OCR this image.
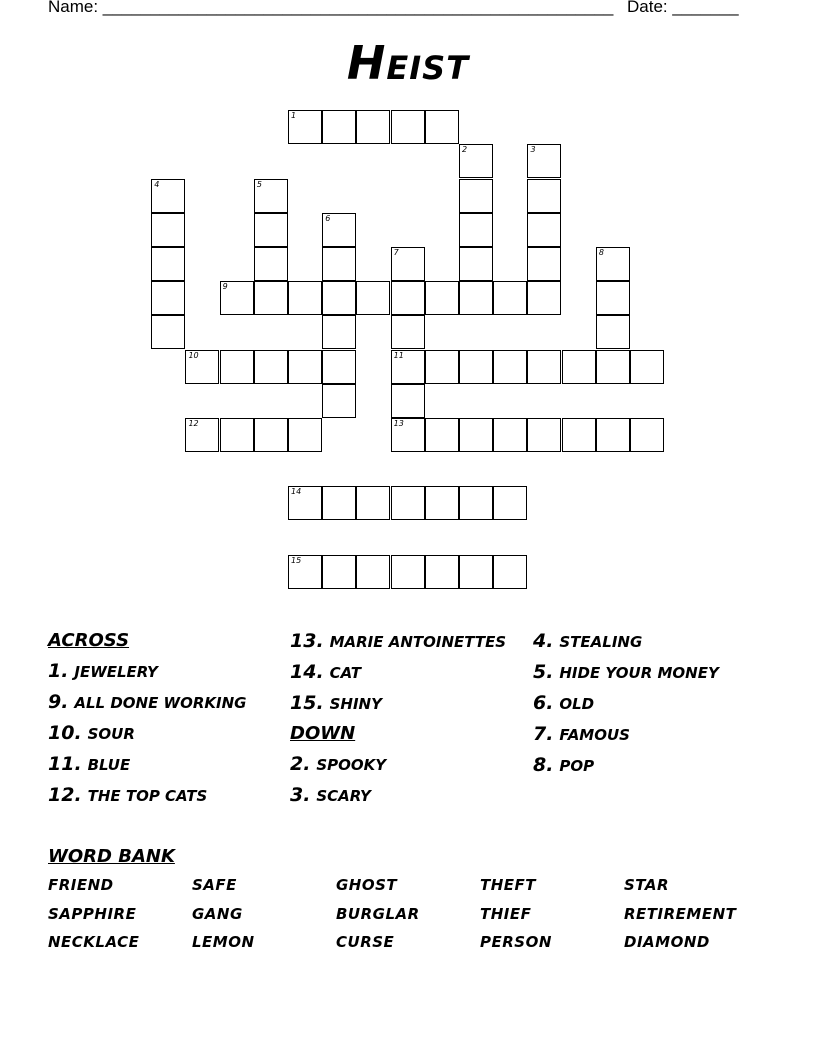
Name: ______________________________________________________ Date: _______
Heist
1
9
10	11
12	13
14
15
2	3
4	5
6
7	8
ACROSS
1. JEWELERY
9. ALL DONE WORKING
10. SOUR
11. BLUE
12. THE TOP CATS
13. MARIE ANTOINETTES
14. CAT
15. SHINY
DOWN
2. SPOOKY
3. SCARY
4. STEALING
5. HIDE YOUR MONEY
6. OLD
7. FAMOUS
8. POP
WORD BANK
FRIEND	SAFE	GHOST	THEFT	STAR
SAPPHIRE	GANG	BURGLAR	THIEF	RETIREMENT
NECKLACE	LEMON	CURSE	PERSON	DIAMOND
